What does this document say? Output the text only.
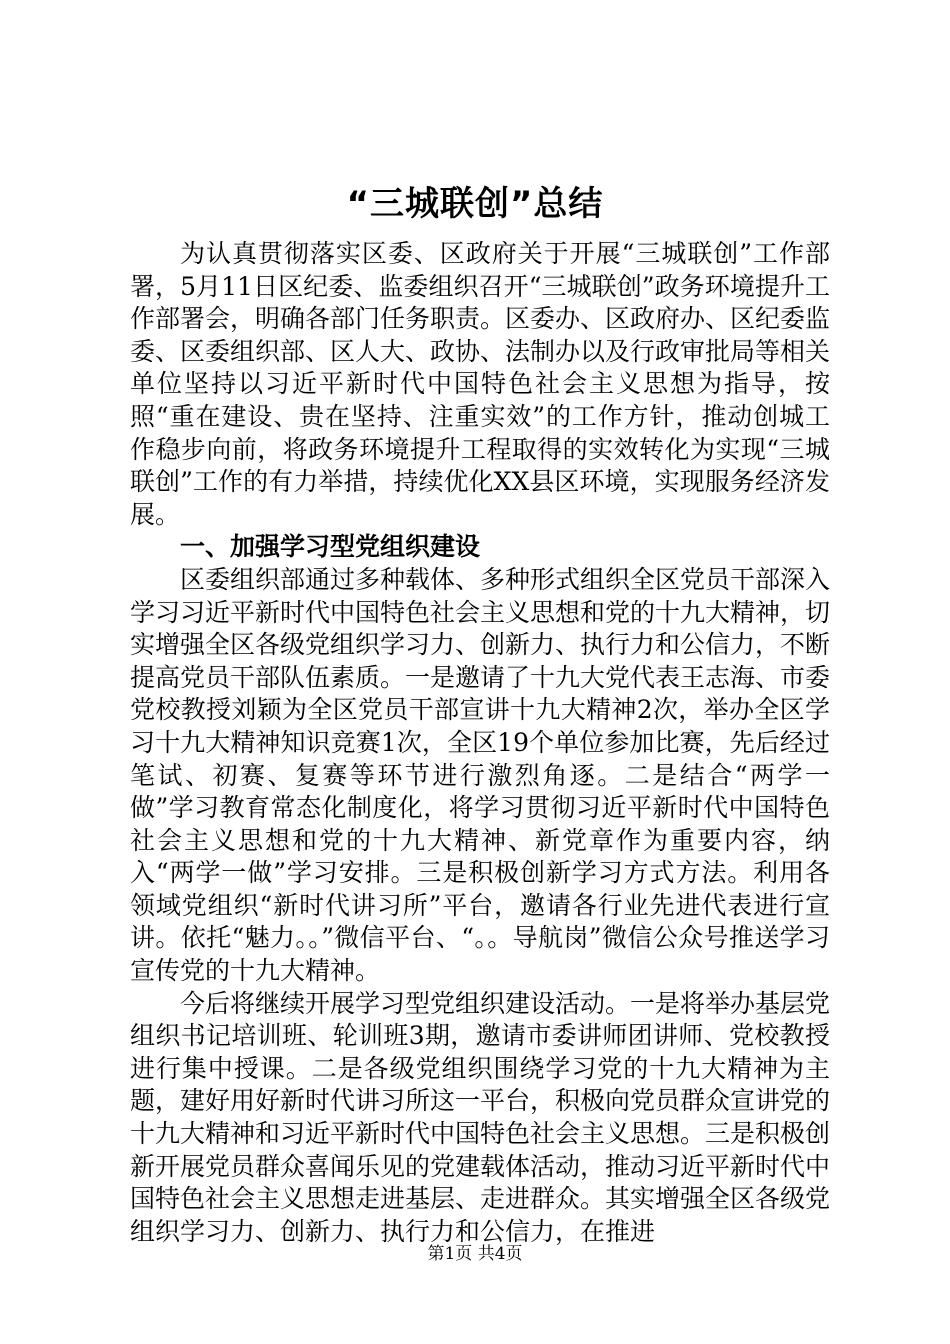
“三城联创”总结

为认真贯彻落实区委、区政府关于开展“三城联创”工作部署，5月11日区纪委、监委组织召开“三城联创”政务环境提升工作部署会，明确各部门任务职责。区委办、区政府办、区纪委监委、区委组织部、区人大、政协、法制办以及行政审批局等相关单位坚持以习近平新时代中国特色社会主义思想为指导，按照“重在建设、贵在坚持、注重实效”的工作方针，推动创城工作稳步向前，将政务环境提升工程取得的实效转化为实现“三城联创”工作的有力举措，持续优化XX县区环境，实现服务经济发展。

一、加强学习型党组织建设

区委组织部通过多种载体、多种形式组织全区党员干部深入学习习近平新时代中国特色社会主义思想和党的十九大精神，切实增强全区各级党组织学习力、创新力、执行力和公信力，不断提高党员干部队伍素质。一是邀请了十九大党代表王志海、市委党校教授刘颖为全区党员干部宣讲十九大精神2次，举办全区学习十九大精神知识竞赛1次，全区19个单位参加比赛，先后经过笔试、初赛、复赛等环节进行激烈角逐。二是结合“两学一做”学习教育常态化制度化，将学习贯彻习近平新时代中国特色社会主义思想和党的十九大精神、新党章作为重要内容，纳入“两学一做”学习安排。三是积极创新学习方式方法。利用各领域党组织“新时代讲习所”平台，邀请各行业先进代表进行宣讲。依托“魅力。。”微信平台、“。。导航岗”微信公众号推送学习宣传党的十九大精神。

今后将继续开展学习型党组织建设活动。一是将举办基层党组织书记培训班、轮训班3期，邀请市委讲师团讲师、党校教授进行集中授课。二是各级党组织围绕学习党的十九大精神为主题，建好用好新时代讲习所这一平台，积极向党员群众宣讲党的十九大精神和习近平新时代中国特色社会主义思想。三是积极创新开展党员群众喜闻乐见的党建载体活动，推动习近平新时代中国特色社会主义思想走进基层、走进群众。其实增强全区各级党组织学习力、创新力、执行力和公信力，在推进

第1页 共4页
